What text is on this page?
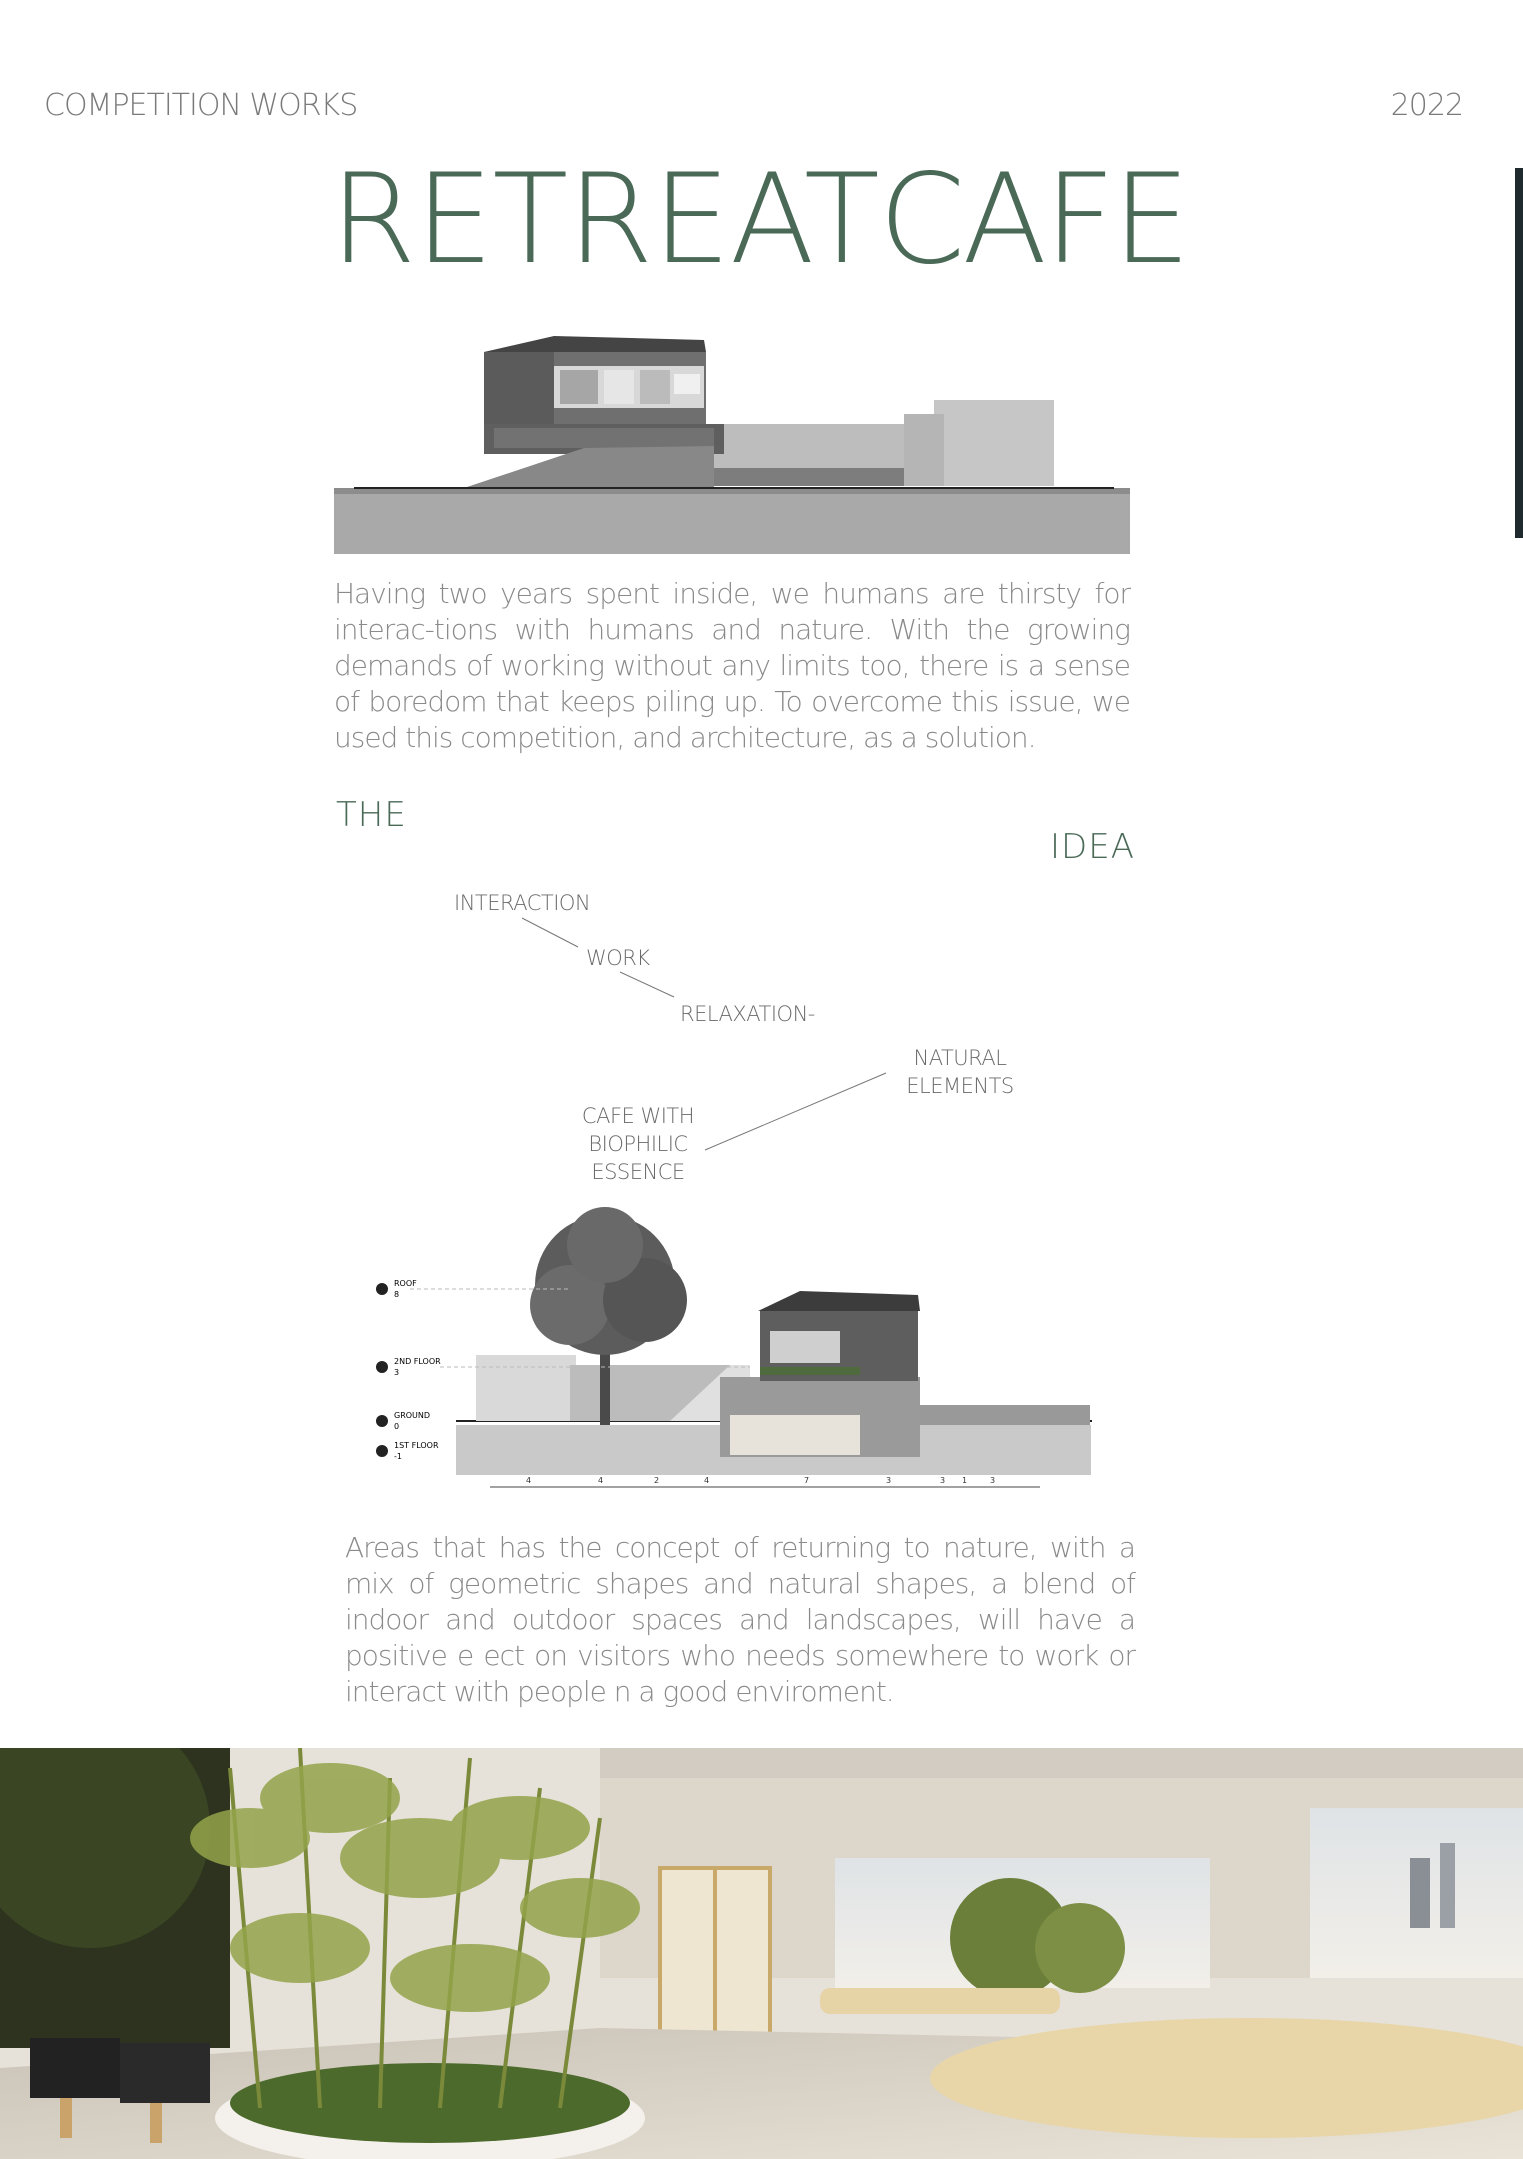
COMPETITION WORKS	2022
RETREATCAFE
Having two years spent inside, we humans are thirsty for interac-tions with humans and nature. With the growing demands of working without any limits too, there is a sense of boredom that keeps piling up. To overcome this issue, we used this competition, and architecture, as a solution.
THE
IDEA
INTERACTION
WORK
RELAXATION-
NATURAL
ELEMENTS
CAFE WITH
BIOPHILIC
ESSENCE
ROOF
8
2ND FLOOR
3
GROUND
0
1ST FLOOR
-1
4	4	2	4	7	3	3 1	3
Areas that has the concept of returning to nature, with a mix of geometric shapes and natural shapes, a blend of indoor and outdoor spaces and landscapes, will have a positive e ect on visitors who needs somewhere to work or interact with people n a good enviroment.
